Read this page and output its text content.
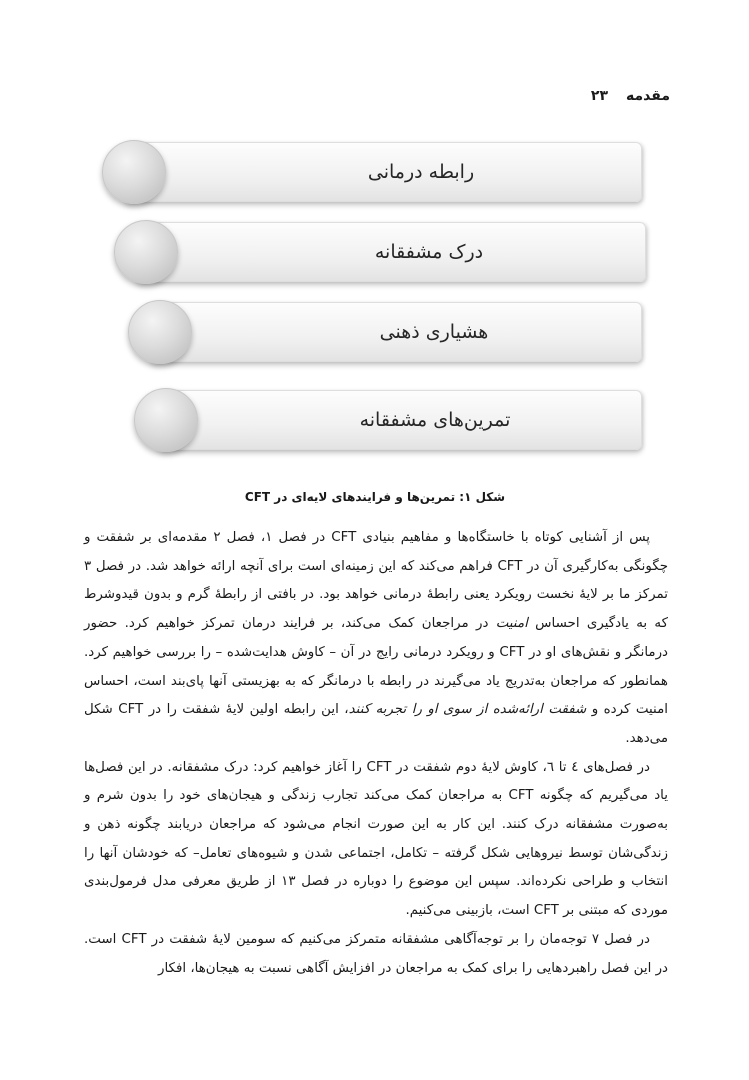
مقدمه
۲۳
رابطه درمانی
درک مشفقانه
هشیاری ذهنی
تمرین‌های مشفقانه
شکل ۱: تمرین‌ها و فرایندهای لایه‌ای در CFT

پس از آشنایی کوتاه با خاستگاه‌ها و مفاهیم بنیادی CFT در فصل ۱، فصل ۲ مقدمه‌ای بر شفقت و چگونگی به‌کارگیری آن در CFT فراهم می‌کند که این زمینه‌ای است برای آنچه ارائه خواهد شد. در فصل ۳ تمرکز ما بر لایهٔ نخست رویکرد یعنی رابطهٔ درمانی خواهد بود. در بافتی از رابطهٔ گرم و بدون قیدوشرط که به یادگیری احساس امنیت در مراجعان کمک می‌کند، بر فرایند درمان تمرکز خواهیم کرد. حضور درمانگر و نقش‌های او در CFT و رویکرد درمانی رایج در آن – کاوش هدایت‌شده – را بررسی خواهیم کرد. همانطور که مراجعان به‌تدریج یاد می‌گیرند در رابطه با درمانگر که به بهزیستی آنها پای‌بند است، احساس امنیت کرده و شفقت ارائه‌شده از سوی او را تجربه کنند، این رابطه اولین لایهٔ شفقت را در CFT شکل می‌دهد.

در فصل‌های ٤ تا ٦، کاوش لایهٔ دوم شفقت در CFT را آغاز خواهیم کرد: درک مشفقانه. در این فصل‌ها یاد می‌گیریم که چگونه CFT به مراجعان کمک می‌کند تجارب زندگی و هیجان‌های خود را بدون شرم و به‌صورت مشفقانه درک کنند. این کار به این صورت انجام می‌شود که مراجعان دریابند چگونه ذهن و زندگی‌شان توسط نیروهایی شکل گرفته – تکامل، اجتماعی شدن و شیوه‌های تعامل– که خودشان آنها را انتخاب و طراحی نکرده‌اند. سپس این موضوع را دوباره در فصل ۱۳ از طریق معرفی مدل فرمول‌بندی موردی که مبتنی بر CFT است، بازبینی می‌کنیم.

در فصل ۷ توجه‌مان را بر توجه‌آگاهی مشفقانه متمرکز می‌کنیم که سومین لایهٔ شفقت در CFT است. در این فصل راهبردهایی را برای کمک به مراجعان در افزایش آگاهی نسبت به هیجان‌ها، افکار
